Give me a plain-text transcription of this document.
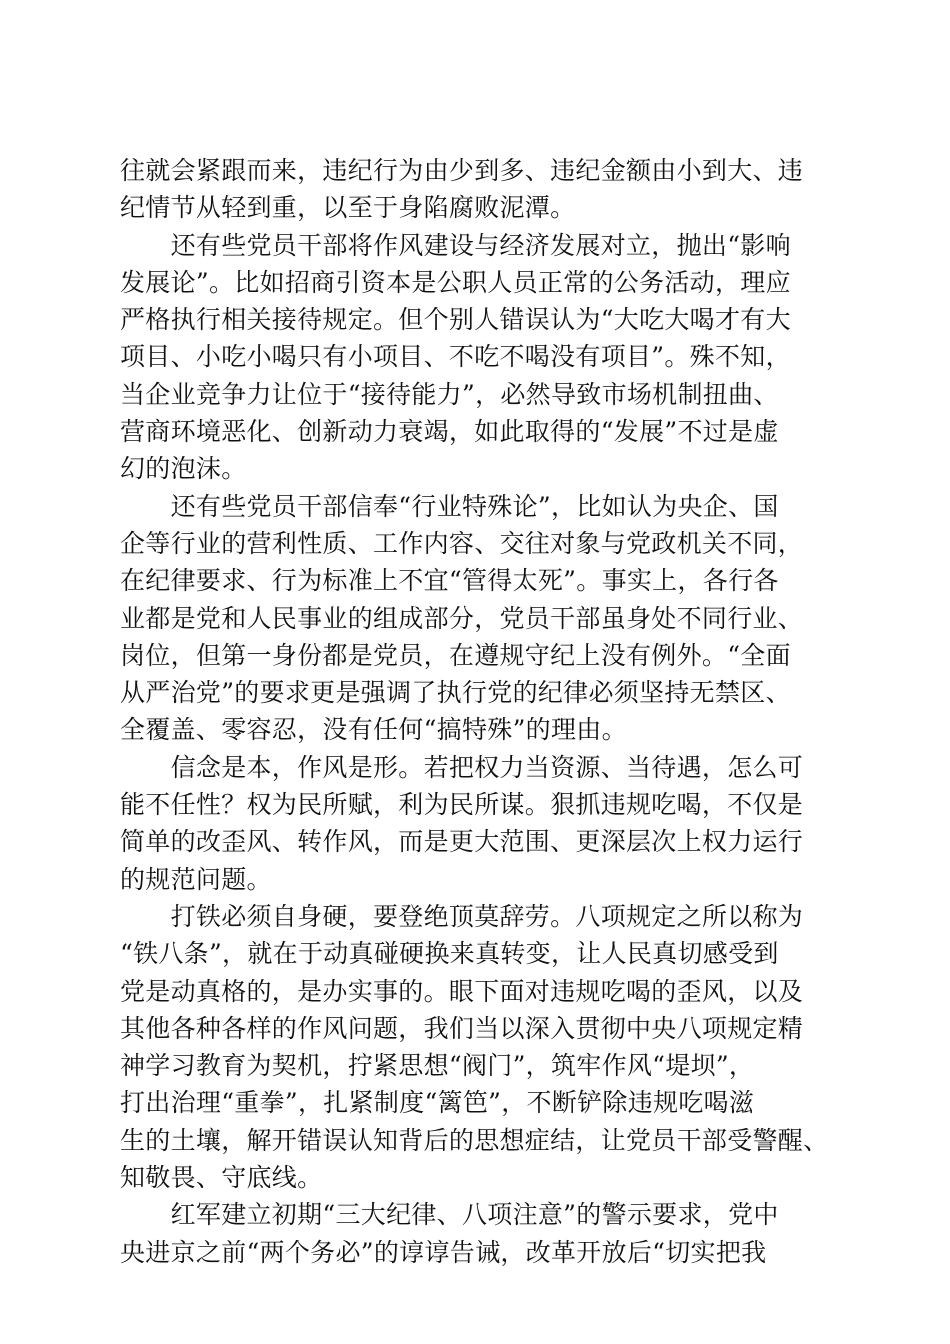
往就会紧跟而来，违纪行为由少到多、违纪金额由小到大、违
纪情节从轻到重，以至于身陷腐败泥潭。
　　还有些党员干部将作风建设与经济发展对立，抛出“影响
发展论”。比如招商引资本是公职人员正常的公务活动，理应
严格执行相关接待规定。但个别人错误认为“大吃大喝才有大
项目、小吃小喝只有小项目、不吃不喝没有项目”。殊不知，
当企业竞争力让位于“接待能力”，必然导致市场机制扭曲、
营商环境恶化、创新动力衰竭，如此取得的“发展”不过是虚
幻的泡沫。
　　还有些党员干部信奉“行业特殊论”，比如认为央企、国
企等行业的营利性质、工作内容、交往对象与党政机关不同，
在纪律要求、行为标准上不宜“管得太死”。事实上，各行各
业都是党和人民事业的组成部分，党员干部虽身处不同行业、
岗位，但第一身份都是党员，在遵规守纪上没有例外。“全面
从严治党”的要求更是强调了执行党的纪律必须坚持无禁区、
全覆盖、零容忍，没有任何“搞特殊”的理由。
　　信念是本，作风是形。若把权力当资源、当待遇，怎么可
能不任性？权为民所赋，利为民所谋。狠抓违规吃喝，不仅是
简单的改歪风、转作风，而是更大范围、更深层次上权力运行
的规范问题。
　　打铁必须自身硬，要登绝顶莫辞劳。八项规定之所以称为
“铁八条”，就在于动真碰硬换来真转变，让人民真切感受到
党是动真格的，是办实事的。眼下面对违规吃喝的歪风，以及
其他各种各样的作风问题，我们当以深入贯彻中央八项规定精
神学习教育为契机，拧紧思想“阀门”，筑牢作风“堤坝”，
打出治理“重拳”，扎紧制度“篱笆”，不断铲除违规吃喝滋
生的土壤，解开错误认知背后的思想症结，让党员干部受警醒、
知敬畏、守底线。
　　红军建立初期“三大纪律、八项注意”的警示要求，党中
央进京之前“两个务必”的谆谆告诫，改革开放后“切实把我
